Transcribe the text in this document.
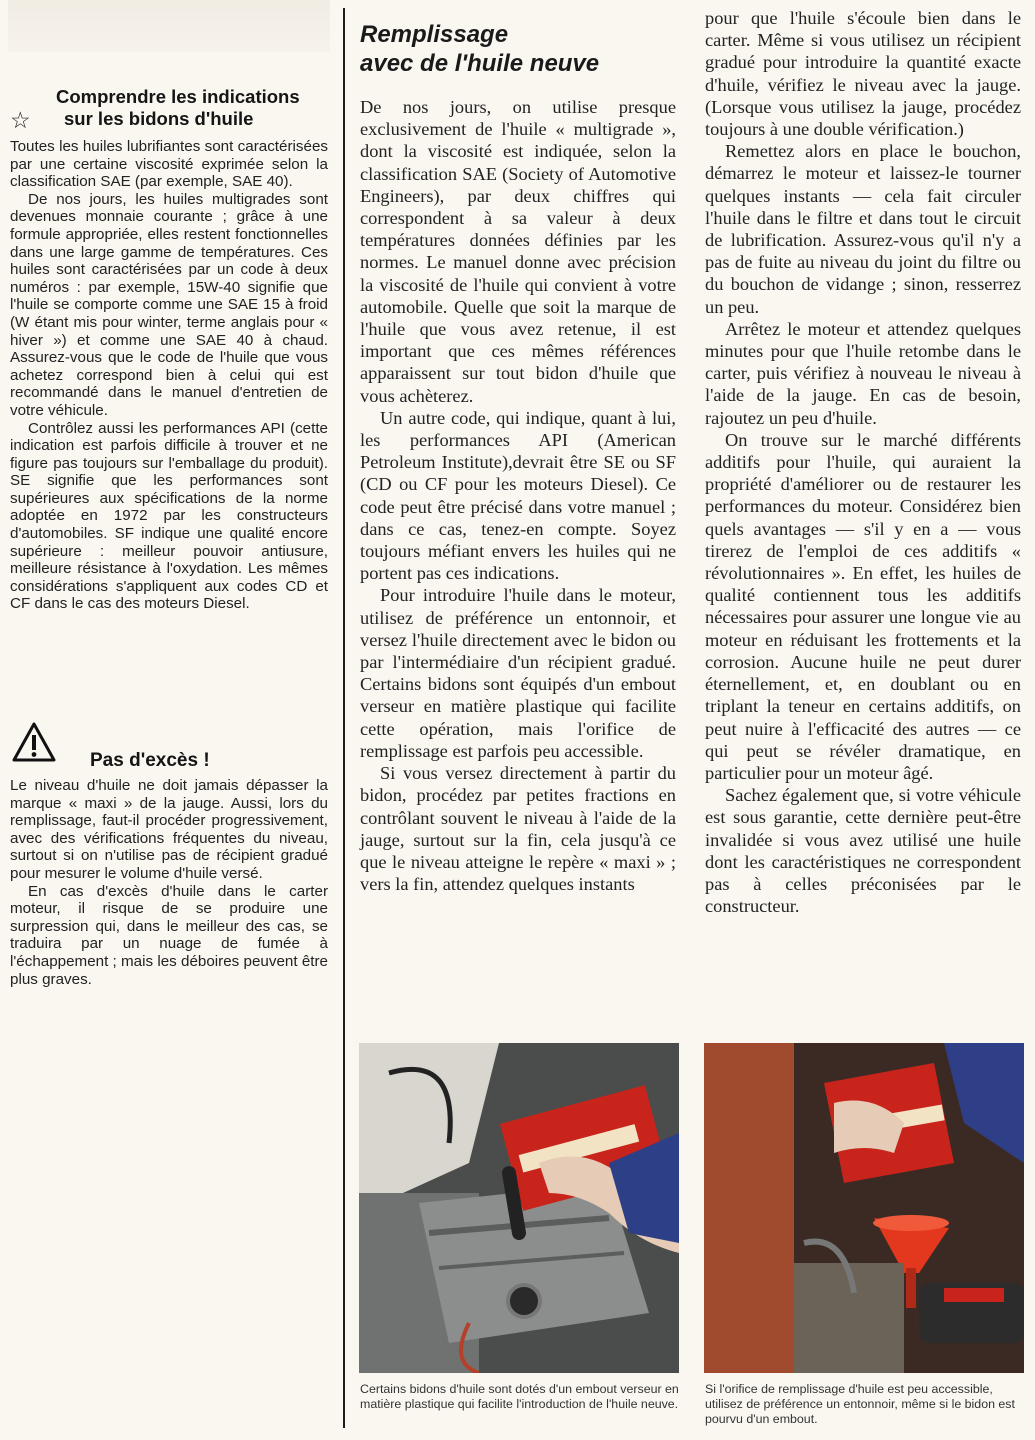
Comprendre les indications
sur les bidons d'huile
☆

Toutes les huiles lubrifiantes sont caractérisées par une certaine viscosité exprimée selon la classification SAE (par exemple, SAE 40).

De nos jours, les huiles multigrades sont devenues monnaie courante ; grâce à une formule appropriée, elles restent fonctionnelles dans une large gamme de températures. Ces huiles sont caractérisées par un code à deux numéros : par exemple, 15W-40 signifie que l'huile se comporte comme une SAE 15 à froid (W étant mis pour winter, terme anglais pour « hiver ») et comme une SAE 40 à chaud. Assurez-vous que le code de l'huile que vous achetez correspond bien à celui qui est recommandé dans le manuel d'entretien de votre véhicule.

Contrôlez aussi les performances API (cette indication est parfois difficile à trouver et ne figure pas toujours sur l'emballage du produit). SE signifie que les performances sont supérieures aux spécifications de la norme adoptée en 1972 par les constructeurs d'automobiles. SF indique une qualité encore supérieure : meilleur pouvoir antiusure, meilleure résistance à l'oxydation. Les mêmes considérations s'appliquent aux codes CD et CF dans le cas des moteurs Diesel.

Pas d'excès !

Le niveau d'huile ne doit jamais dépasser la marque « maxi » de la jauge. Aussi, lors du remplissage, faut-il procéder progressivement, avec des vérifications fréquentes du niveau, surtout si on n'utilise pas de récipient gradué pour mesurer le volume d'huile versé.

En cas d'excès d'huile dans le carter moteur, il risque de se produire une surpression qui, dans le meilleur des cas, se traduira par un nuage de fumée à l'échappement ; mais les déboires peuvent être plus graves.

Remplissage
avec de l'huile neuve

De nos jours, on utilise presque exclusivement de l'huile « multigrade », dont la viscosité est indiquée, selon la classification SAE (Society of Automotive Engineers), par deux chiffres qui correspondent à sa valeur à deux températures données définies par les normes. Le manuel donne avec précision la viscosité de l'huile qui convient à votre automobile. Quelle que soit la marque de l'huile que vous avez retenue, il est important que ces mêmes références apparaissent sur tout bidon d'huile que vous achèterez.

Un autre code, qui indique, quant à lui, les performances API (American Petroleum Institute),devrait être SE ou SF (CD ou CF pour les moteurs Diesel). Ce code peut être précisé dans votre manuel ; dans ce cas, tenez-en compte. Soyez toujours méfiant envers les huiles qui ne portent pas ces indications.

Pour introduire l'huile dans le moteur, utilisez de préférence un entonnoir, et versez l'huile directement avec le bidon ou par l'intermédiaire d'un récipient gradué. Certains bidons sont équipés d'un embout verseur en matière plastique qui facilite cette opération, mais l'orifice de remplissage est parfois peu accessible.

Si vous versez directement à partir du bidon, procédez par petites fractions en contrôlant souvent le niveau à l'aide de la jauge, surtout sur la fin, cela jusqu'à ce que le niveau atteigne le repère « maxi » ; vers la fin, attendez quelques instants

pour que l'huile s'écoule bien dans le carter. Même si vous utilisez un récipient gradué pour introduire la quantité exacte d'huile, vérifiez le niveau avec la jauge. (Lorsque vous utilisez la jauge, procédez toujours à une double vérification.)

Remettez alors en place le bouchon, démarrez le moteur et laissez-le tourner quelques instants — cela fait circuler l'huile dans le filtre et dans tout le circuit de lubrification. Assurez-vous qu'il n'y a pas de fuite au niveau du joint du filtre ou du bouchon de vidange ; sinon, resserrez un peu.

Arrêtez le moteur et attendez quelques minutes pour que l'huile retombe dans le carter, puis vérifiez à nouveau le niveau à l'aide de la jauge. En cas de besoin, rajoutez un peu d'huile.

On trouve sur le marché différents additifs pour l'huile, qui auraient la propriété d'améliorer ou de restaurer les performances du moteur. Considérez bien quels avantages — s'il y en a — vous tirerez de l'emploi de ces additifs « révolutionnaires ». En effet, les huiles de qualité contiennent tous les additifs nécessaires pour assurer une longue vie au moteur en réduisant les frottements et la corrosion. Aucune huile ne peut durer éternellement, et, en doublant ou en triplant la teneur en certains additifs, on peut nuire à l'efficacité des autres — ce qui peut se révéler dramatique, en particulier pour un moteur âgé.

Sachez également que, si votre véhicule est sous garantie, cette dernière peut-être invalidée si vous avez utilisé une huile dont les caractéristiques ne correspondent pas à celles préconisées par le constructeur.

Certains bidons d'huile sont dotés d'un embout verseur en matière plastique qui facilite l'introduction de l'huile neuve.
Si l'orifice de remplissage d'huile est peu accessible, utilisez de préférence un entonnoir, même si le bidon est pourvu d'un embout.
